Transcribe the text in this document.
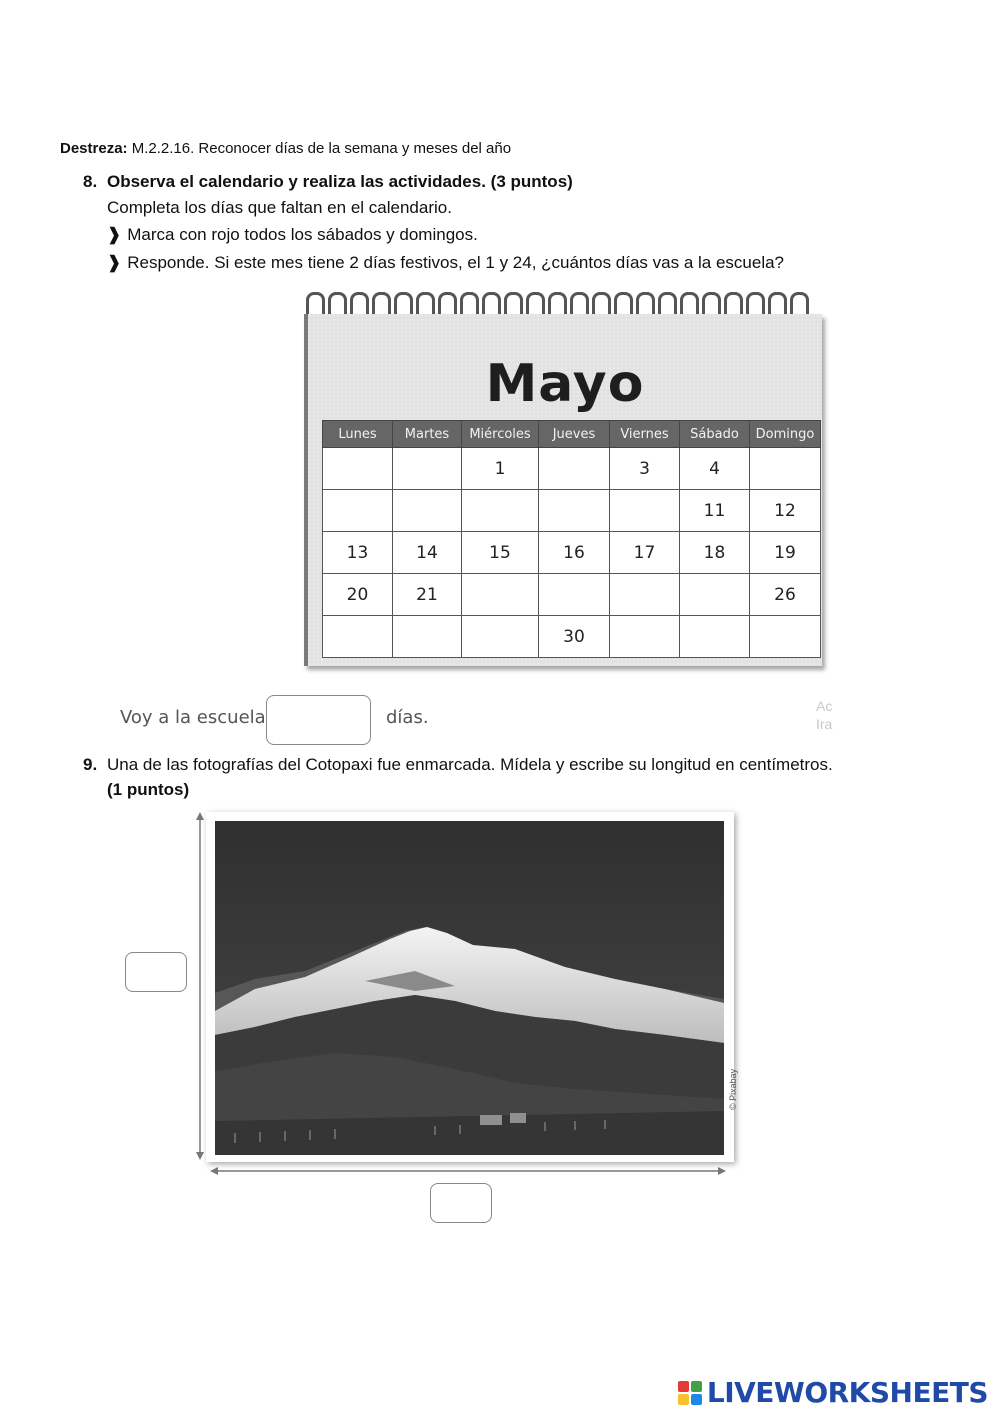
Destreza: M.2.2.16. Reconocer días de la semana y meses del año
8. Observa el calendario y realiza las actividades. (3 puntos)
Completa los días que faltan en el calendario.
❱ Marca con rojo todos los sábados y domingos.
❱ Responde. Si este mes tiene 2 días festivos, el 1 y 24, ¿cuántos días vas a la escuela?
Mayo
Lunes	Martes	Miércoles	Jueves	Viernes	Sábado	Domingo
		1		3	4	
					11	12
13	14	15	16	17	18	19
20	21					26
			30			
Voy a la escuela	días.
Ac
Ira
9. Una de las fotografías del Cotopaxi fue enmarcada. Mídela y escribe su longitud en centímetros.
(1 puntos)
© Pixabay
LIVEWORKSHEETS
